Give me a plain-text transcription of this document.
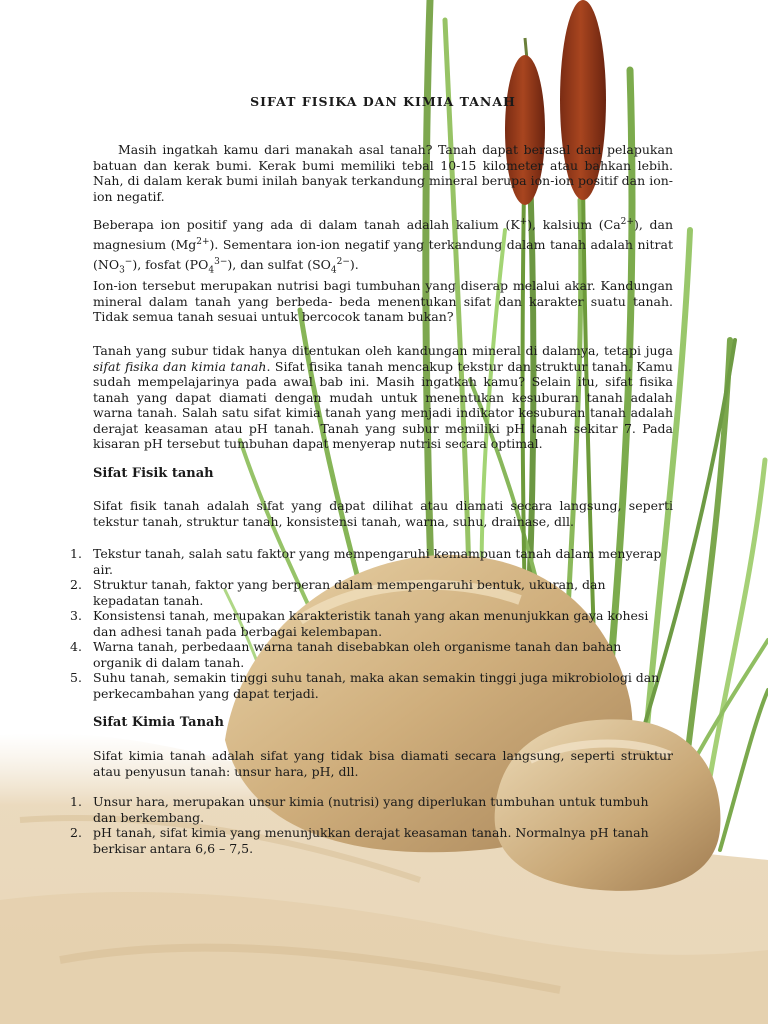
SIFAT FISIKA DAN KIMIA TANAH

Masih ingatkah kamu dari manakah asal tanah? Tanah dapat berasal dari pelapukan batuan dan kerak bumi. Kerak bumi memiliki tebal 10-15 kilometer atau bahkan lebih. Nah, di dalam kerak bumi inilah banyak terkandung mineral berupa ion-ion positif dan ion-ion negatif.

Beberapa ion positif yang ada di dalam tanah adalah kalium (K+), kalsium $(Ca^{2+})$, dan magnesium $(Mg^{2+})$. Sementara ion-ion negatif yang terkandung dalam tanah adalah nitrat $(NO_3^-)$, fosfat $(PO_4^{3-})$, dan sulfat $(SO_4^{2-})$.

Ion-ion tersebut merupakan nutrisi bagi tumbuhan yang diserap melalui akar. Kandungan mineral dalam tanah yang berbeda- beda menentukan sifat dan karakter suatu tanah. Tidak semua tanah sesuai untuk bercocok tanam bukan?

Tanah yang subur tidak hanya ditentukan oleh kandungan mineral di dalamya, tetapi juga sifat fisika dan kimia tanah. Sifat fisika tanah mencakup tekstur dan struktur tanah. Kamu sudah mempelajarinya pada awal bab ini. Masih ingatkah kamu? Selain itu, sifat fisika tanah yang dapat diamati dengan mudah untuk menentukan kesuburan tanah adalah warna tanah. Salah satu sifat kimia tanah yang menjadi indikator kesuburan tanah adalah derajat keasaman atau pH tanah. Tanah yang subur memiliki pH tanah sekitar 7. Pada kisaran pH tersebut tumbuhan dapat menyerap nutrisi secara optimal.

Sifat Fisik tanah

Sifat fisik tanah adalah sifat yang dapat dilihat atau diamati secara langsung, seperti tekstur tanah, struktur tanah, konsistensi tanah, warna, suhu, drainase, dll.

1. Tekstur tanah, salah satu faktor yang mempengaruhi kemampuan tanah dalam menyerap air.
2. Struktur tanah, faktor yang berperan dalam mempengaruhi bentuk, ukuran, dan kepadatan tanah.
3. Konsistensi tanah, merupakan karakteristik tanah yang akan menunjukkan gaya kohesi dan adhesi tanah pada berbagai kelembapan.
4. Warna tanah, perbedaan warna tanah disebabkan oleh organisme tanah dan bahan organik di dalam tanah.
5. Suhu tanah, semakin tinggi suhu tanah, maka akan semakin tinggi juga mikrobiologi dan perkecambahan yang dapat terjadi.
Sifat Kimia Tanah

Sifat kimia tanah adalah sifat yang tidak bisa diamati secara langsung, seperti struktur atau penyusun tanah: unsur hara, pH, dll.

1. Unsur hara, merupakan unsur kimia (nutrisi) yang diperlukan tumbuhan untuk tumbuh dan berkembang.
2. pH tanah, sifat kimia yang menunjukkan derajat keasaman tanah. Normalnya pH tanah berkisar antara 6,6 – 7,5.
